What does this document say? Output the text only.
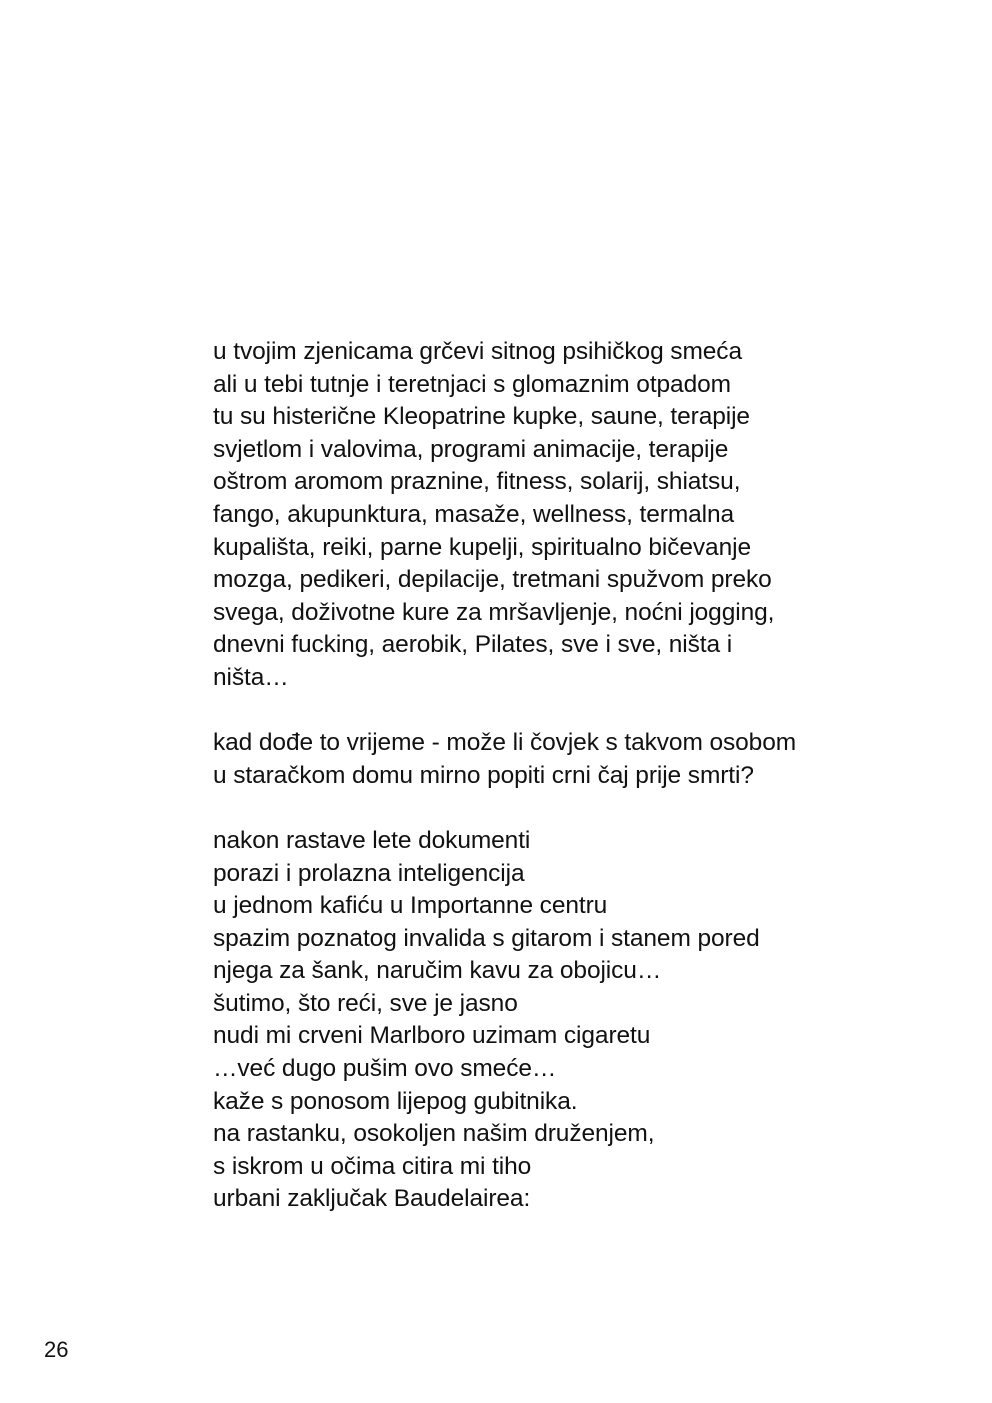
u tvojim zjenicama grčevi sitnog psihičkog smeća
ali u tebi tutnje i teretnjaci s glomaznim otpadom
tu su histerične Kleopatrine kupke, saune, terapije
svjetlom i valovima, programi animacije, terapije
oštrom aromom praznine, fitness, solarij, shiatsu,
fango, akupunktura, masaže, wellness, termalna
kupališta, reiki, parne kupelji, spiritualno bičevanje
mozga, pedikeri, depilacije, tretmani spužvom preko
svega, doživotne kure za mršavljenje, noćni jogging,
dnevni fucking, aerobik, Pilates, sve i sve, ništa i
ništa…
kad dođe to vrijeme - može li čovjek s takvom osobom
u staračkom domu mirno popiti crni čaj prije smrti?
nakon rastave lete dokumenti
porazi i prolazna inteligencija
u jednom kafiću u Importanne centru
spazim poznatog invalida s gitarom i stanem pored
njega za šank, naručim kavu za obojicu…
šutimo, što reći, sve je jasno
nudi mi crveni Marlboro uzimam cigaretu
…već dugo pušim ovo smeće…
kaže s ponosom lijepog gubitnika.
na rastanku, osokoljen našim druženjem,
s iskrom u očima citira mi tiho
urbani zaključak Baudelairea:
26
